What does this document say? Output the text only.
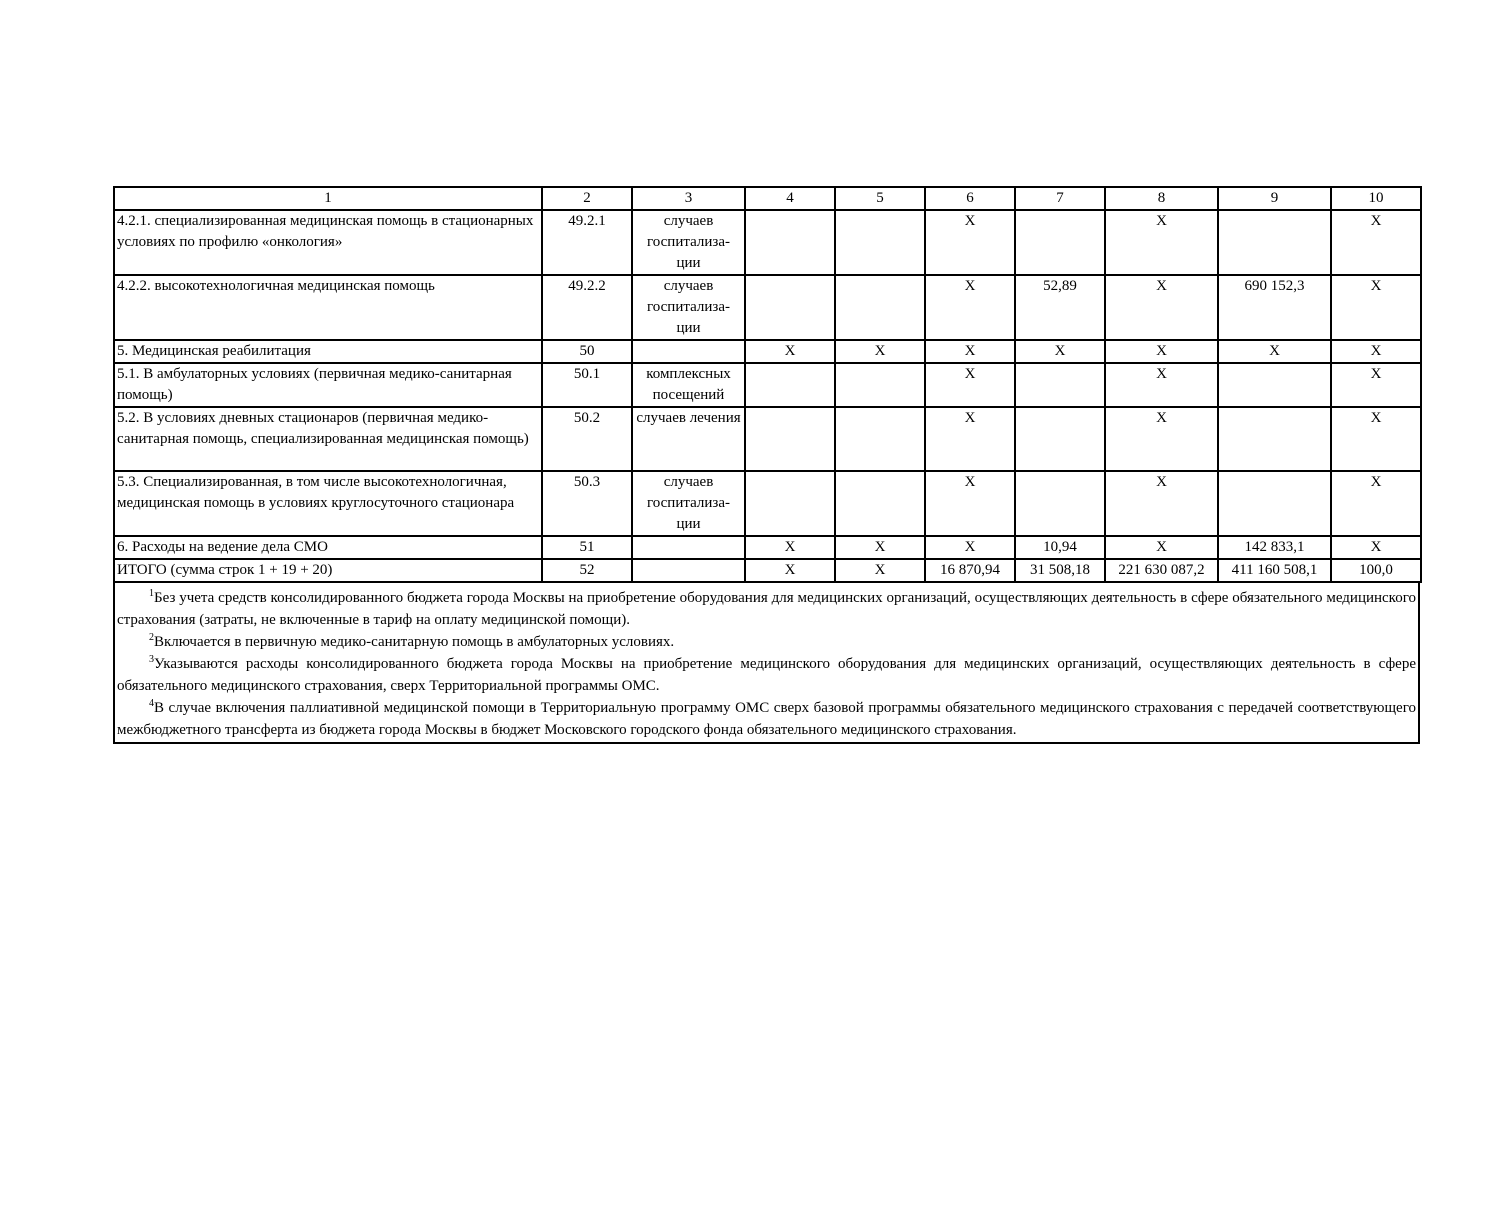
1	2	3	4	5	6	7	8	9	10
4.2.1. специализированная медицинская помощь в стационарных условиях по профилю «онкология»	49.2.1	случаев госпитализа-ции			Х		Х		Х
4.2.2. высокотехнологичная медицинская помощь	49.2.2	случаев госпитализа-ции			Х	52,89	Х	690 152,3	Х
5. Медицинская реабилитация	50		Х	Х	Х	Х	Х	Х	Х
5.1. В амбулаторных условиях (первичная медико-санитарная помощь)	50.1	комплексных посещений			Х		Х		Х
5.2. В условиях дневных стационаров (первичная медико-санитарная помощь, специализированная медицинская помощь)	50.2	случаев лечения			Х		Х		Х
5.3. Специализированная, в том числе высокотехнологичная, медицинская помощь в условиях круглосуточного стационара	50.3	случаев госпитализа-ции			Х		Х		Х
6. Расходы на ведение дела СМО	51		Х	Х	Х	10,94	Х	142 833,1	Х
ИТОГО (сумма строк 1 + 19 + 20)	52		Х	Х	16 870,94	31 508,18	221 630 087,2	411 160 508,1	100,0

$^1$Без учета средств консолидированного бюджета города Москвы на приобретение оборудования для медицинских организаций, осуществляющих деятельность в сфере обязательного медицинского страхования (затраты, не включенные в тариф на оплату медицинской помощи).

$^2$Включается в первичную медико-санитарную помощь в амбулаторных условиях.

$^3$Указываются расходы консолидированного бюджета города Москвы на приобретение медицинского оборудования для медицинских организаций, осуществляющих деятельность в сфере обязательного медицинского страхования, сверх Территориальной программы ОМС.

$^4$В случае включения паллиативной медицинской помощи в Территориальную программу ОМС сверх базовой программы обязательного медицинского страхования с передачей соответствующего межбюджетного трансферта из бюджета города Москвы в бюджет Московского городского фонда обязательного медицинского страхования.
